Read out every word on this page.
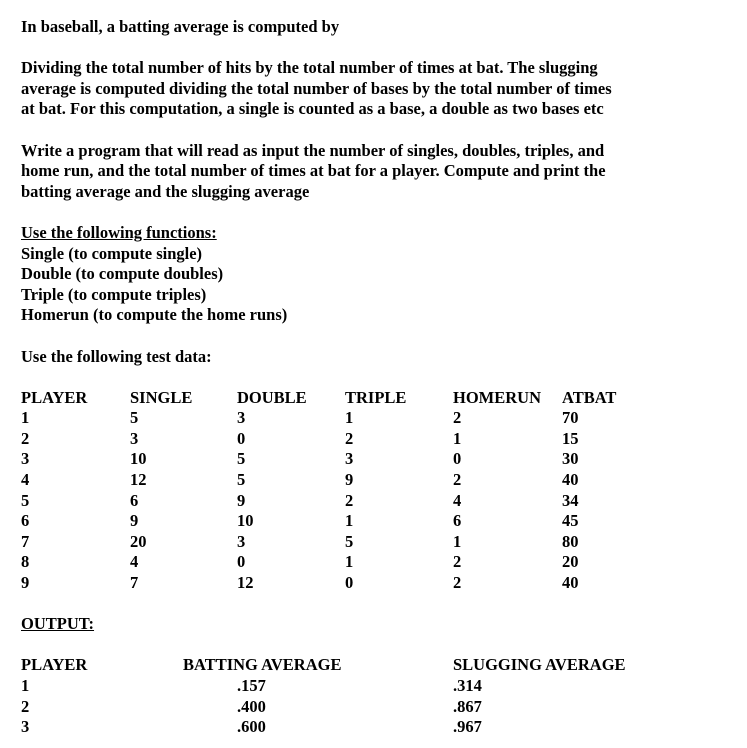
In baseball, a batting average is computed by

Dividing the total number of hits by the total number of times at bat. The slugging

average is computed dividing the total number of bases by the total number of times

at bat. For this computation, a single is counted as a base, a double as two bases etc

Write a program that will read as input the number of singles, doubles, triples, and

home run, and the total number of times at bat for a player. Compute and print the

batting average and the slugging average

Use the following functions:

Single (to compute single)

Double (to compute doubles)

Triple (to compute triples)

Homerun (to compute the home runs)

Use the following test data:

PLAYER	SINGLE	DOUBLE TRIPLE	HOMERUN ATBAT
1	5	3	1	2	70
2	3	0	2	1	15
3	10	5	3	0	30
4	12	5	9	2	40
5	6	9	2	4	34
6	9	10	1	6	45
7	20	3	5	1	80
8	4	0	1	2	20
9	7	12	0	2	40

OUTPUT:

PLAYER	BATTING AVERAGE	SLUGGING AVERAGE
1	.157	.314
2	.400	.867
3	.600	.967
